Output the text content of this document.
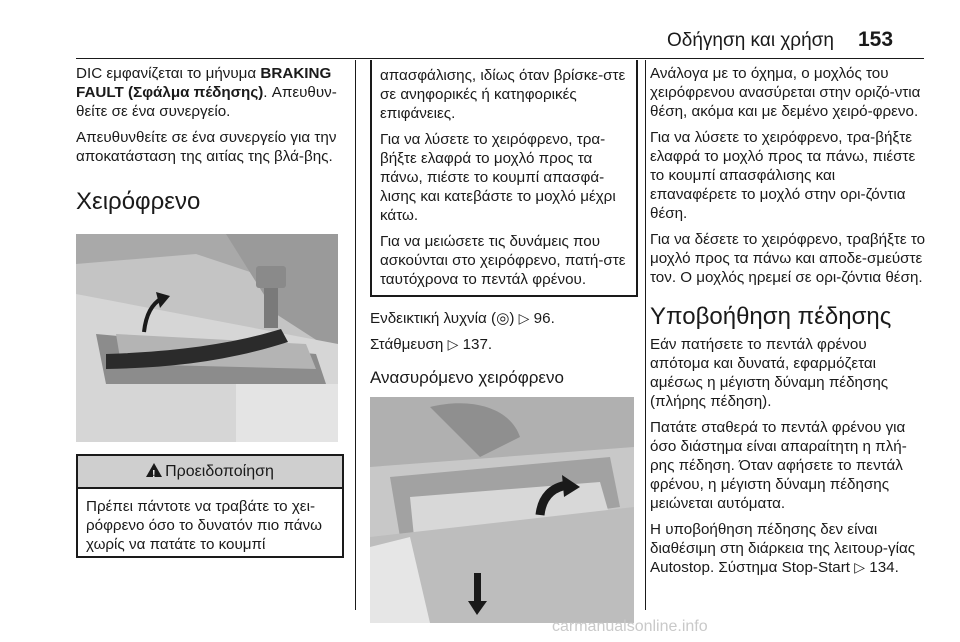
Οδήγηση και χρήση 153

DIC εμφανίζεται το μήνυμα BRAKING FAULT (Σφάλμα πέδησης). Απευθυν-θείτε σε ένα συνεργείο.

Απευθυνθείτε σε ένα συνεργείο για την αποκατάσταση της αιτίας της βλά-βης.

Χειρόφρενο
!Προειδοποίηση
Πρέπει πάντοτε να τραβάτε το χει-ρόφρενο όσο το δυνατόν πιο πάνω χωρίς να πατάτε το κουμπί

απασφάλισης, ιδίως όταν βρίσκε-στε σε ανηφορικές ή κατηφορικές επιφάνειες.

Για να λύσετε το χειρόφρενο, τρα-βήξτε ελαφρά το μοχλό προς τα πάνω, πιέστε το κουμπί απασφά-λισης και κατεβάστε το μοχλό μέχρι κάτω.

Για να μειώσετε τις δυνάμεις που ασκούνται στο χειρόφρενο, πατή-στε ταυτόχρονα το πεντάλ φρένου.

Ενδεικτική λυχνία (◎) ▷ 96.

Στάθμευση ▷ 137.

Ανασυρόμενο χειρόφρενο

Ανάλογα με το όχημα, ο μοχλός του χειρόφρενου ανασύρεται στην οριζό-ντια θέση, ακόμα και με δεμένο χειρό-φρενο.

Για να λύσετε το χειρόφρενο, τρα-βήξτε ελαφρά το μοχλό προς τα πάνω, πιέστε το κουμπί απασφάλισης και επαναφέρετε το μοχλό στην ορι-ζόντια θέση.

Για να δέσετε το χειρόφρενο, τραβήξτε το μοχλό προς τα πάνω και αποδε-σμεύστε τον. Ο μοχλός ηρεμεί σε ορι-ζόντια θέση.

Υποβοήθηση πέδησης

Εάν πατήσετε το πεντάλ φρένου απότομα και δυνατά, εφαρμόζεται αμέσως η μέγιστη δύναμη πέδησης (πλήρης πέδηση).

Πατάτε σταθερά το πεντάλ φρένου για όσο διάστημα είναι απαραίτητη η πλή-ρης πέδηση. Όταν αφήσετε το πεντάλ φρένου, η μέγιστη δύναμη πέδησης μειώνεται αυτόματα.

Η υποβοήθηση πέδησης δεν είναι διαθέσιμη στη διάρκεια της λειτουρ-γίας Autostop. Σύστημα Stop-Start ▷ 134.

carmanualsonline.info
